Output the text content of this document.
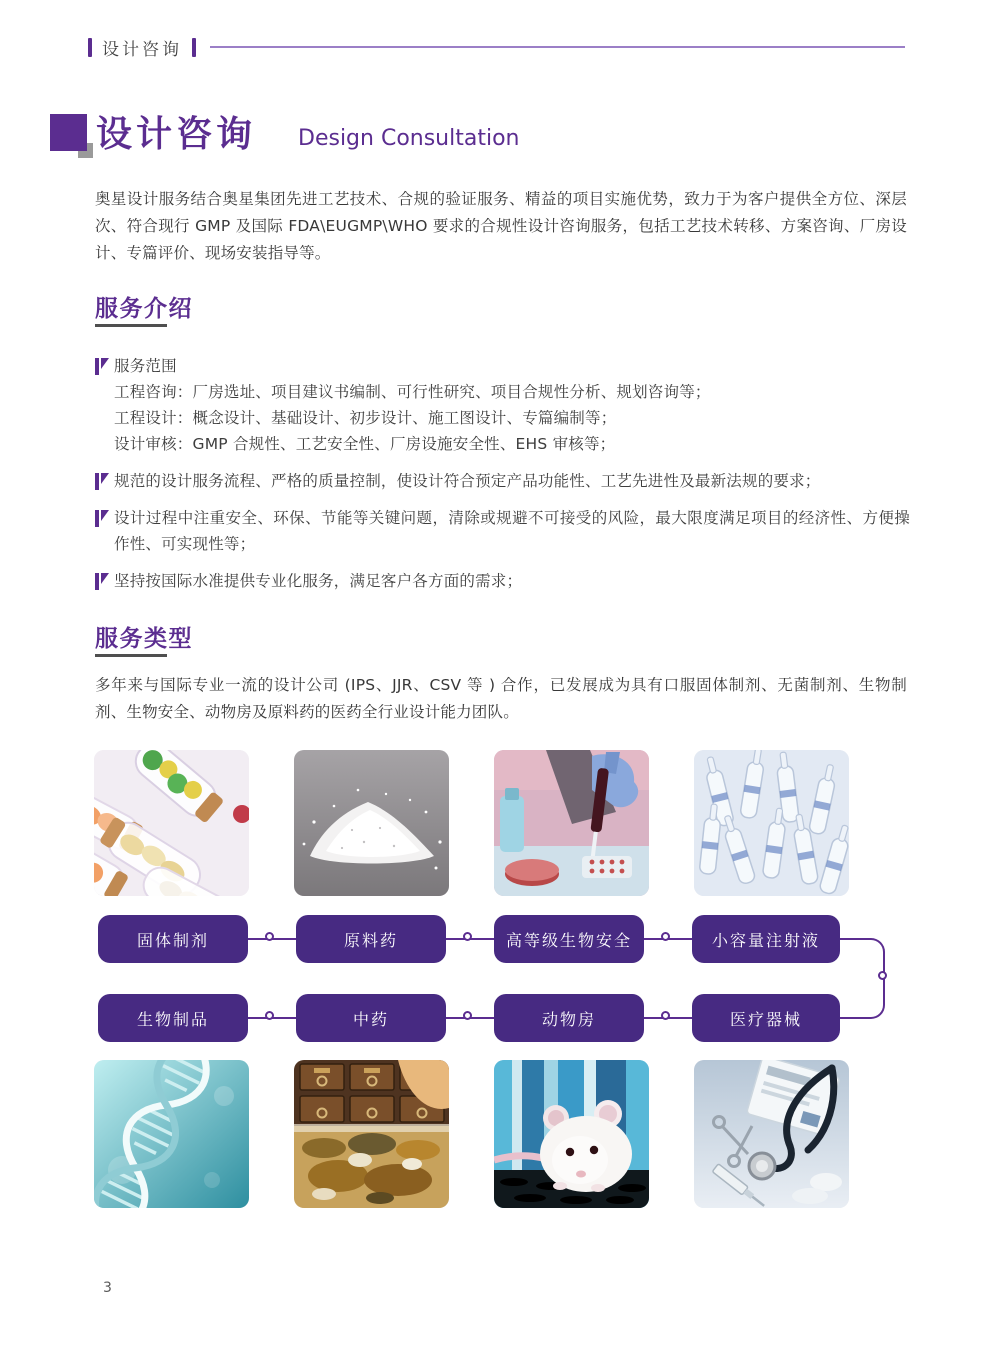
设计咨询
设计咨询 Design Consultation

奥星设计服务结合奥星集团先进工艺技术、合规的验证服务、精益的项目实施优势，致力于为客户提供全方位、深层次、符合现行 GMP 及国际 FDA\EUGMP\WHO 要求的合规性设计咨询服务，包括工艺技术转移、方案咨询、厂房设计、专篇评价、现场安装指导等。

服务介绍
服务范围
工程咨询：厂房选址、项目建议书编制、可行性研究、项目合规性分析、规划咨询等；
工程设计：概念设计、基础设计、初步设计、施工图设计、专篇编制等；
设计审核：GMP 合规性、工艺安全性、厂房设施安全性、EHS 审核等；
规范的设计服务流程、严格的质量控制，使设计符合预定产品功能性、工艺先进性及最新法规的要求；
设计过程中注重安全、环保、节能等关键问题，清除或规避不可接受的风险，最大限度满足项目的经济性、方便操作性、可实现性等；
坚持按国际水准提供专业化服务，满足客户各方面的需求；
服务类型

多年来与国际专业一流的设计公司 (IPS、JJR、CSV 等 ) 合作，已发展成为具有口服固体制剂、无菌制剂、生物制剂、生物安全、动物房及原料药的医药全行业设计能力团队。

固体制剂	原料药	高等级生物安全	小容量注射液
生物制品	中药	动物房	医疗器械
3
